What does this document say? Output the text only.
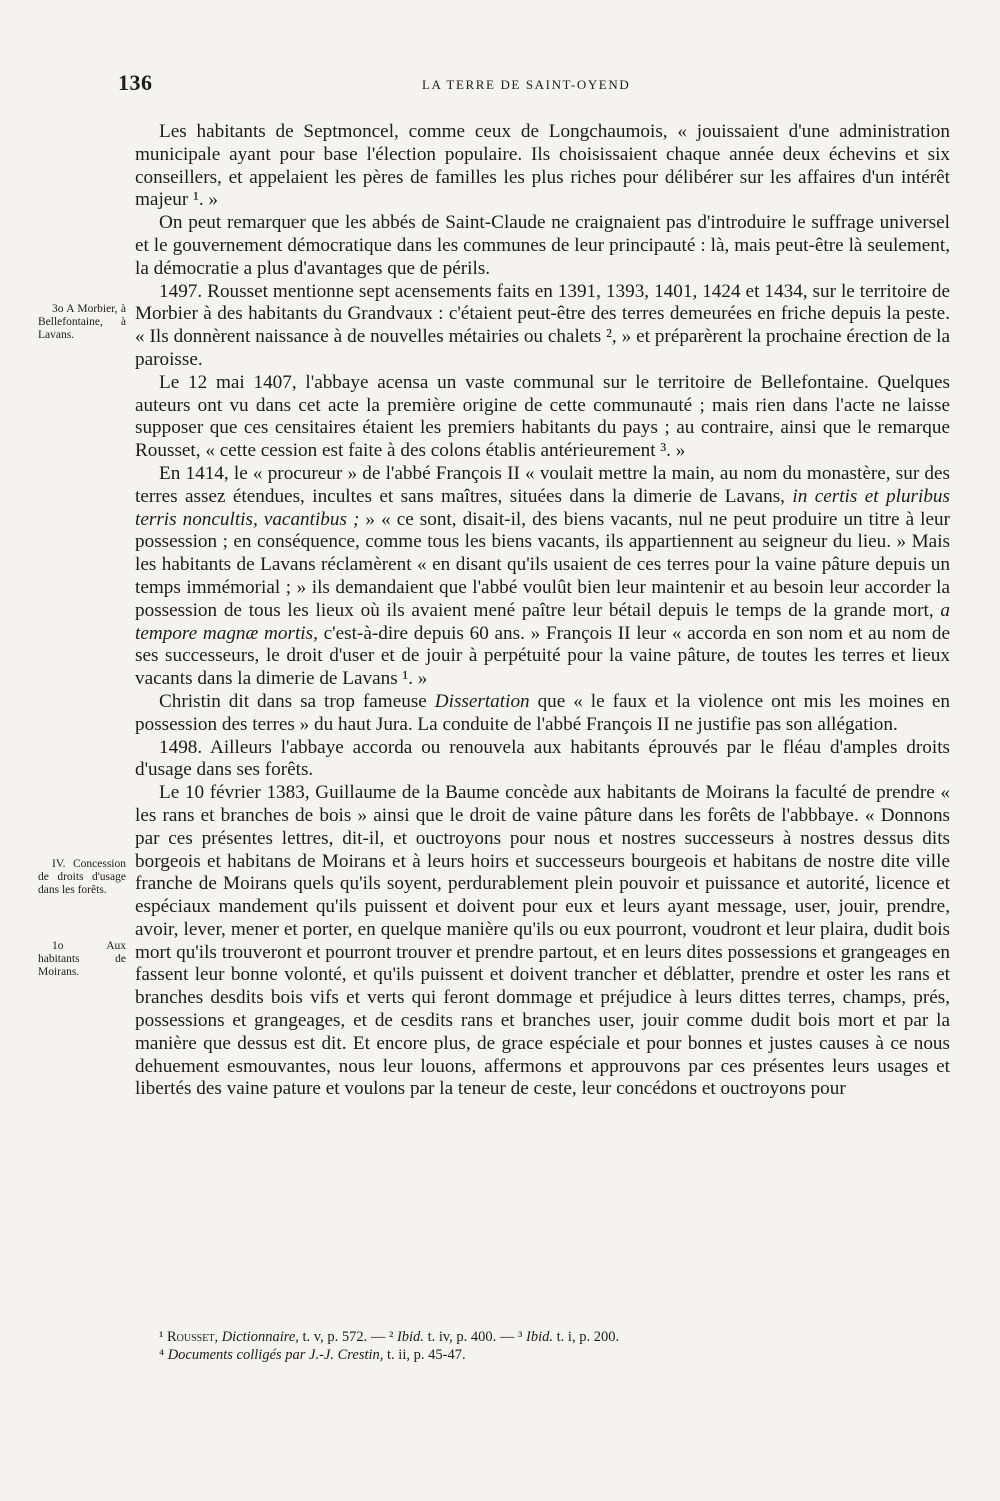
136	LA TERRE DE SAINT-OYEND
3o A Morbier, à Bellefontaine, à Lavans.
IV. Concession de droits d'usage dans les forêts.
1o Aux habitants de Moirans.

Les habitants de Septmoncel, comme ceux de Longchaumois, « jouissaient d'une administration municipale ayant pour base l'élection populaire. Ils choisissaient chaque année deux échevins et six conseillers, et appelaient les pères de familles les plus riches pour délibérer sur les affaires d'un intérêt majeur ¹. »

On peut remarquer que les abbés de Saint-Claude ne craignaient pas d'introduire le suffrage universel et le gouvernement démocratique dans les communes de leur principauté : là, mais peut-être là seulement, la démocratie a plus d'avantages que de périls.

1497. Rousset mentionne sept acensements faits en 1391, 1393, 1401, 1424 et 1434, sur le territoire de Morbier à des habitants du Grandvaux : c'étaient peut-être des terres demeurées en friche depuis la peste. « Ils donnèrent naissance à de nouvelles métairies ou chalets ², » et préparèrent la prochaine érection de la paroisse.

Le 12 mai 1407, l'abbaye acensa un vaste communal sur le territoire de Bellefontaine. Quelques auteurs ont vu dans cet acte la première origine de cette communauté ; mais rien dans l'acte ne laisse supposer que ces censitaires étaient les premiers habitants du pays ; au contraire, ainsi que le remarque Rousset, « cette cession est faite à des colons établis antérieurement ³. »

En 1414, le « procureur » de l'abbé François II « voulait mettre la main, au nom du monastère, sur des terres assez étendues, incultes et sans maîtres, situées dans la dimerie de Lavans, in certis et pluribus terris noncultis, vacantibus ; » « ce sont, disait-il, des biens vacants, nul ne peut produire un titre à leur possession ; en conséquence, comme tous les biens vacants, ils appartiennent au seigneur du lieu. » Mais les habitants de Lavans réclamèrent « en disant qu'ils usaient de ces terres pour la vaine pâture depuis un temps immémorial ; » ils demandaient que l'abbé voulût bien leur maintenir et au besoin leur accorder la possession de tous les lieux où ils avaient mené paître leur bétail depuis le temps de la grande mort, a tempore magnæ mortis, c'est-à-dire depuis 60 ans. » François II leur « accorda en son nom et au nom de ses successeurs, le droit d'user et de jouir à perpétuité pour la vaine pâture, de toutes les terres et lieux vacants dans la dimerie de Lavans ¹. »

Christin dit dans sa trop fameuse Dissertation que « le faux et la violence ont mis les moines en possession des terres » du haut Jura. La conduite de l'abbé François II ne justifie pas son allégation.

1498. Ailleurs l'abbaye accorda ou renouvela aux habitants éprouvés par le fléau d'amples droits d'usage dans ses forêts.

Le 10 février 1383, Guillaume de la Baume concède aux habitants de Moirans la faculté de prendre « les rans et branches de bois » ainsi que le droit de vaine pâture dans les forêts de l'abbbaye. « Donnons par ces présentes lettres, dit-il, et ouctroyons pour nous et nostres successeurs à nostres dessus dits borgeois et habitans de Moirans et à leurs hoirs et successeurs bourgeois et habitans de nostre dite ville franche de Moirans quels qu'ils soyent, perdurablement plein pouvoir et puissance et autorité, licence et espéciaux mandement qu'ils puissent et doivent pour eux et leurs ayant message, user, jouir, prendre, avoir, lever, mener et porter, en quelque manière qu'ils ou eux pourront, voudront et leur plaira, dudit bois mort qu'ils trouveront et pourront trouver et prendre partout, et en leurs dites possessions et grangeages en fassent leur bonne volonté, et qu'ils puissent et doivent trancher et déblatter, prendre et oster les rans et branches desdits bois vifs et verts qui feront dommage et préjudice à leurs dittes terres, champs, prés, possessions et grangeages, et de cesdits rans et branches user, jouir comme dudit bois mort et par la manière que dessus est dit. Et encore plus, de grace espéciale et pour bonnes et justes causes à ce nous dehuement esmouvantes, nous leur louons, affermons et approuvons par ces présentes leurs usages et libertés des vaine pature et voulons par la teneur de ceste, leur concédons et ouctroyons pour

¹ Rousset, Dictionnaire, t. v, p. 572. — ² Ibid. t. iv, p. 400. — ³ Ibid. t. i, p. 200.

⁴ Documents colligés par J.-J. Crestin, t. ii, p. 45-47.
